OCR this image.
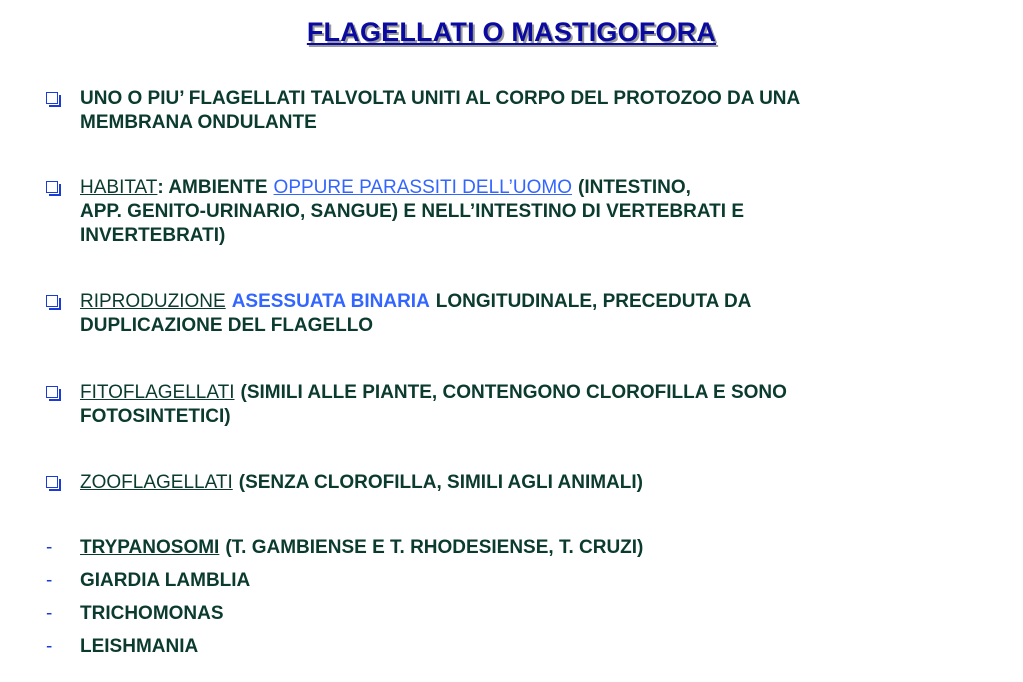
FLAGELLATI O MASTIGOFORA
UNO O PIU’ FLAGELLATI TALVOLTA UNITI AL CORPO DEL PROTOZOO DA UNA
MEMBRANA ONDULANTE
HABITAT: AMBIENTE OPPURE PARASSITI DELL’UOMO (INTESTINO,
APP. GENITO-URINARIO, SANGUE) E NELL’INTESTINO DI VERTEBRATI E
INVERTEBRATI)
RIPRODUZIONE ASESSUATA BINARIA LONGITUDINALE, PRECEDUTA DA
DUPLICAZIONE DEL FLAGELLO
FITOFLAGELLATI (SIMILI ALLE PIANTE, CONTENGONO CLOROFILLA E SONO
FOTOSINTETICI)
ZOOFLAGELLATI (SENZA CLOROFILLA, SIMILI AGLI ANIMALI)
- TRYPANOSOMI (T. GAMBIENSE E T. RHODESIENSE, T. CRUZI)
- GIARDIA LAMBLIA
- TRICHOMONAS
- LEISHMANIA
